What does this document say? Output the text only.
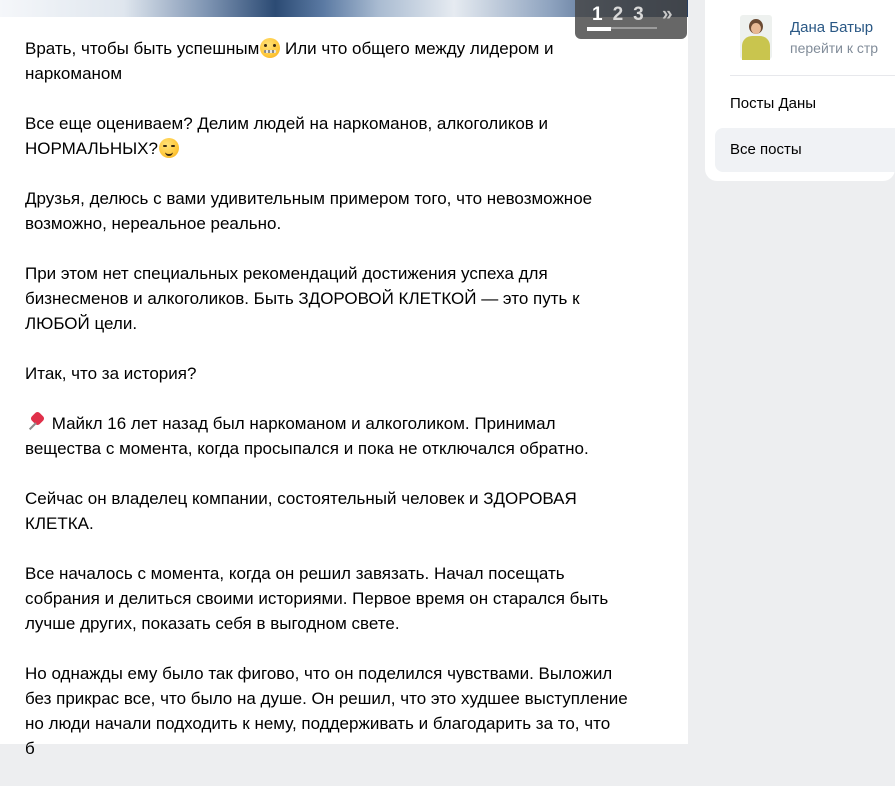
1 2 3 »

Врать, чтобы быть успешным Или что общего между лидером и
наркоманом

Все еще оцениваем? Делим людей на наркоманов, алкоголиков и
НОРМАЛЬНЫХ?

Друзья, делюсь с вами удивительным примером того, что невозможное
возможно, нереальное реально.

При этом нет специальных рекомендаций достижения успеха для
бизнесменов и алкоголиков. Быть ЗДОРОВОЙ КЛЕТКОЙ — это путь к
ЛЮБОЙ цели.

Итак, что за история?

Майкл 16 лет назад был наркоманом и алкоголиком. Принимал
вещества с момента, когда просыпался и пока не отключался обратно.

Сейчас он владелец компании, состоятельный человек и ЗДОРОВАЯ
КЛЕТКА.

Все началось с момента, когда он решил завязать. Начал посещать
собрания и делиться своими историями. Первое время он старался быть
лучше других, показать себя в выгодном свете.

Но однажды ему было так фигово, что он поделился чувствами. Выложил
без прикрас все, что было на душе. Он решил, что это худшее выступление
но люди начали подходить к нему, поддерживать и благодарить за то, что
б

Дана Батыр
перейти к стр
Посты Даны
Все посты
